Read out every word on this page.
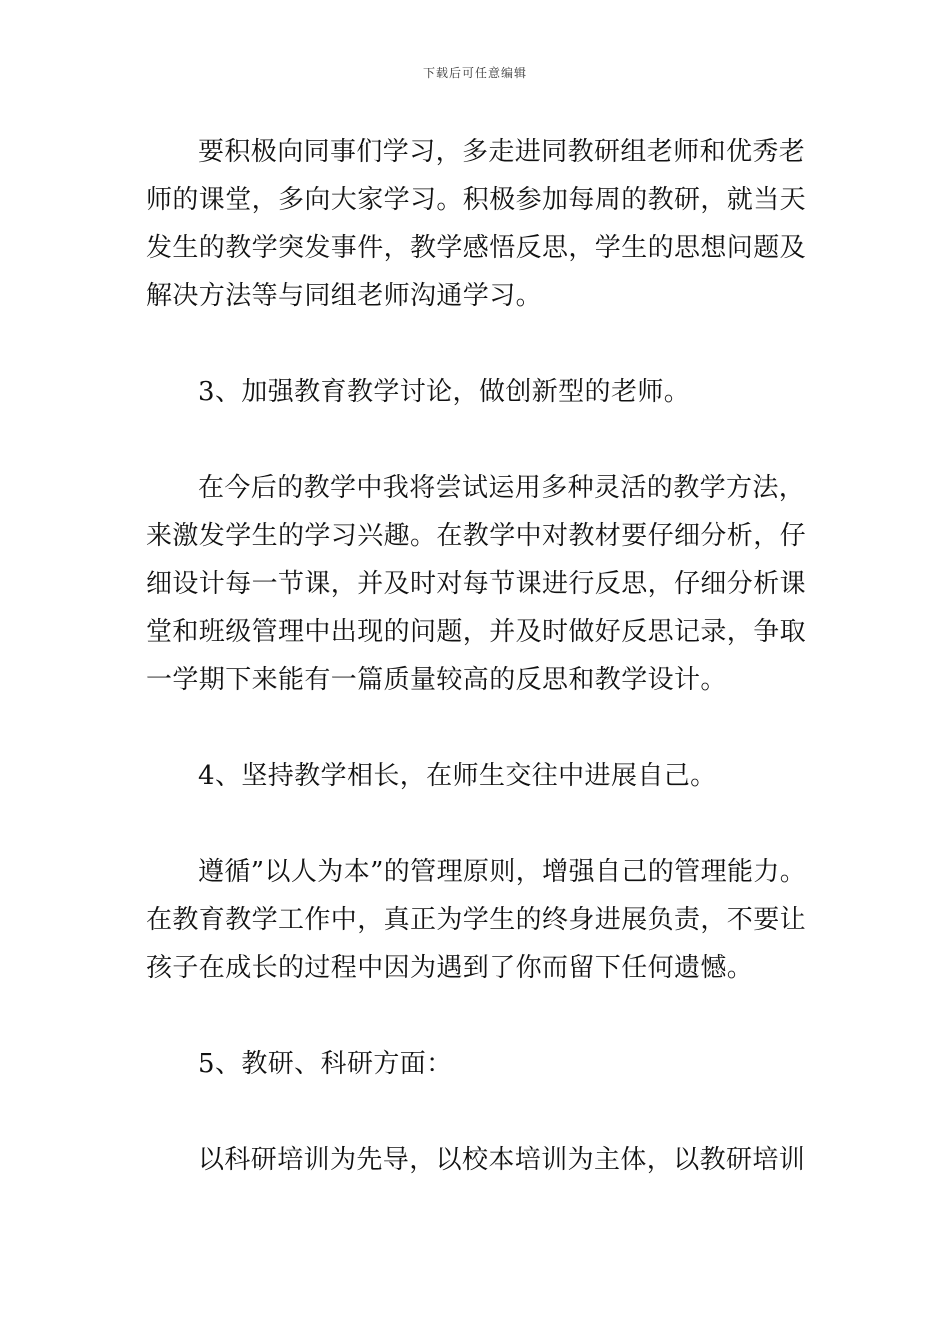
下载后可任意编辑
要积极向同事们学习，多走进同教研组老师和优秀老
师的课堂，多向大家学习。积极参加每周的教研，就当天
发生的教学突发事件，教学感悟反思，学生的思想问题及
解决方法等与同组老师沟通学习。
3、加强教育教学讨论，做创新型的老师。
在今后的教学中我将尝试运用多种灵活的教学方法，
来激发学生的学习兴趣。在教学中对教材要仔细分析，仔
细设计每一节课，并及时对每节课进行反思，仔细分析课
堂和班级管理中出现的问题，并及时做好反思记录，争取
一学期下来能有一篇质量较高的反思和教学设计。
4、坚持教学相长，在师生交往中进展自己。
遵循”以人为本”的管理原则，增强自己的管理能力。
在教育教学工作中，真正为学生的终身进展负责，不要让
孩子在成长的过程中因为遇到了你而留下任何遗憾。
5、教研、科研方面：
以科研培训为先导，以校本培训为主体，以教研培训
